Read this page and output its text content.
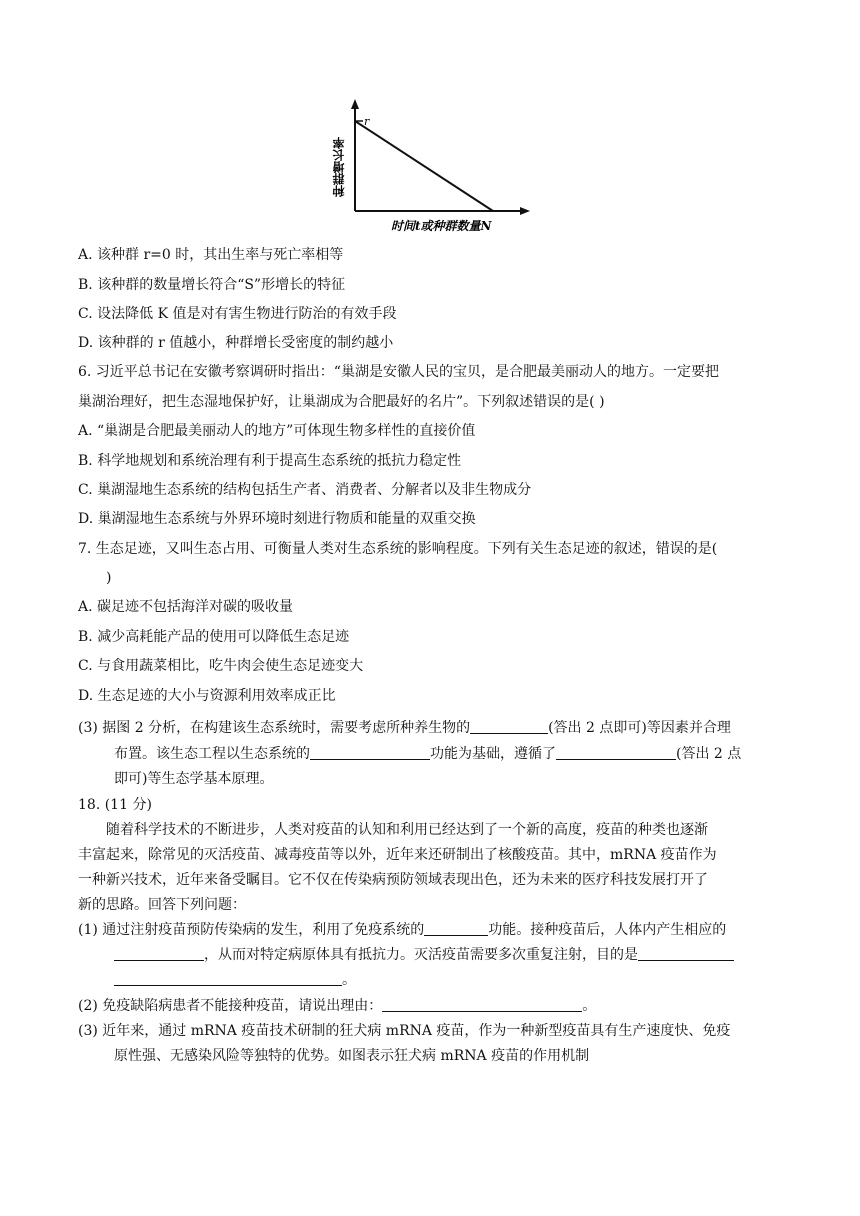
r
种群增长率
时间t或种群数量N
A. 该种群 r=0 时，其出生率与死亡率相等
B. 该种群的数量增长符合“S”形增长的特征
C. 设法降低 K 值是对有害生物进行防治的有效手段
D. 该种群的 r 值越小，种群增长受密度的制约越小
6. 习近平总书记在安徽考察调研时指出：“巢湖是安徽人民的宝贝，是合肥最美丽动人的地方。一定要把
巢湖治理好，把生态湿地保护好，让巢湖成为合肥最好的名片”。下列叙述错误的是( )
A. “巢湖是合肥最美丽动人的地方”可体现生物多样性的直接价值
B. 科学地规划和系统治理有利于提高生态系统的抵抗力稳定性
C. 巢湖湿地生态系统的结构包括生产者、消费者、分解者以及非生物成分
D. 巢湖湿地生态系统与外界环境时刻进行物质和能量的双重交换
7. 生态足迹，又叫生态占用、可衡量人类对生态系统的影响程度。下列有关生态足迹的叙述，错误的是(
)
A. 碳足迹不包括海洋对碳的吸收量
B. 减少高耗能产品的使用可以降低生态足迹
C. 与食用蔬菜相比，吃牛肉会使生态足迹变大
D. 生态足迹的大小与资源利用效率成正比
(3) 据图 2 分析，在构建该生态系统时，需要考虑所种养生物的	(答出 2 点即可)等因素并合理
布置。该生态工程以生态系统的	功能为基础，遵循了	(答出 2 点
即可)等生态学基本原理。
18. (11 分)
随着科学技术的不断进步，人类对疫苗的认知和利用已经达到了一个新的高度，疫苗的种类也逐渐
丰富起来，除常见的灭活疫苗、减毒疫苗等以外，近年来还研制出了核酸疫苗。其中，mRNA 疫苗作为
一种新兴技术，近年来备受瞩目。它不仅在传染病预防领域表现出色，还为未来的医疗科技发展打开了
新的思路。回答下列问题：
(1) 通过注射疫苗预防传染病的发生，利用了免疫系统的	功能。接种疫苗后，人体内产生相应的
，从而对特定病原体具有抵抗力。灭活疫苗需要多次重复注射，目的是
。
(2) 免疫缺陷病患者不能接种疫苗，请说出理由：	。
(3) 近年来，通过 mRNA 疫苗技术研制的狂犬病 mRNA 疫苗，作为一种新型疫苗具有生产速度快、免疫
原性强、无感染风险等独特的优势。如图表示狂犬病 mRNA 疫苗的作用机制
